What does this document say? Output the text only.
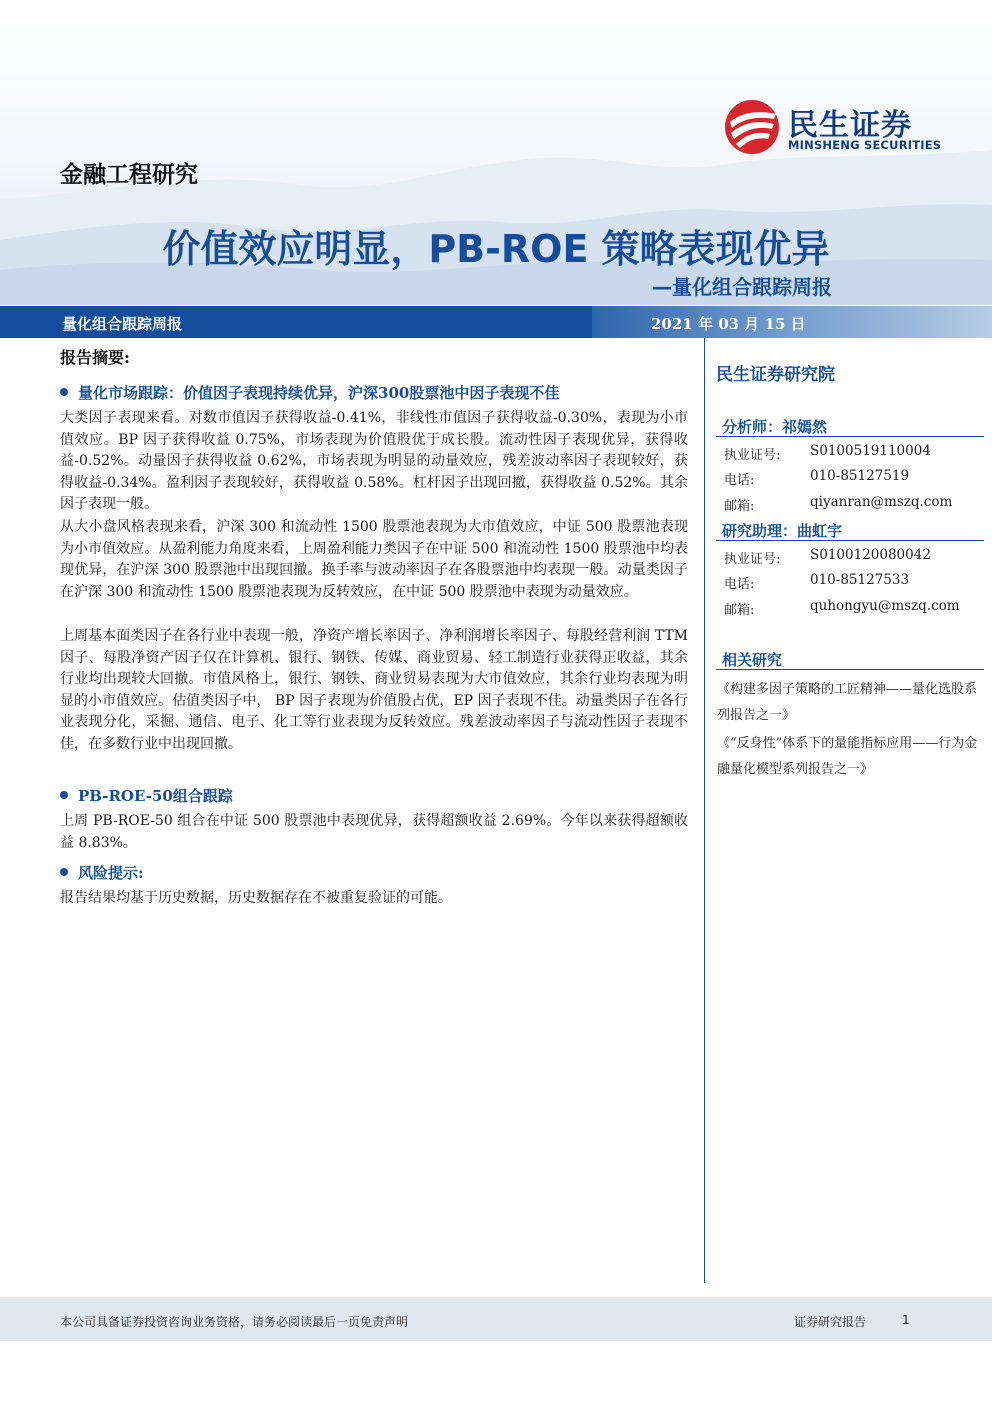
金融工程研究
民生证券
MINSHENG SECURITIES
价值效应明显，PB-ROE 策略表现优异
—量化组合跟踪周报
量化组合跟踪周报	2021 年 03 月 15 日
报告摘要:
量化市场跟踪：价值因子表现持续优异，沪深300股票池中因子表现不佳
大类因子表现来看。对数市值因子获得收益-0.41%，非线性市值因子获得收益-0.30%，表现为小市值效应。BP 因子获得收益 0.75%，市场表现为价值股优于成长股。流动性因子表现优异，获得收益-0.52%。动量因子获得收益 0.62%，市场表现为明显的动量效应，残差波动率因子表现较好，获得收益-0.34%。盈利因子表现较好，获得收益 0.58%。杠杆因子出现回撤，获得收益 0.52%。其余因子表现一般。
从大小盘风格表现来看，沪深 300 和流动性 1500 股票池表现为大市值效应，中证 500 股票池表现为小市值效应。从盈利能力角度来看，上周盈利能力类因子在中证 500 和流动性 1500 股票池中均表现优异，在沪深 300 股票池中出现回撤。换手率与波动率因子在各股票池中均表现一般。动量类因子在沪深 300 和流动性 1500 股票池表现为反转效应，在中证 500 股票池中表现为动量效应。
上周基本面类因子在各行业中表现一般，净资产增长率因子、净利润增长率因子、每股经营利润 TTM 因子、每股净资产因子仅在计算机、银行、钢铁、传媒、商业贸易、轻工制造行业获得正收益，其余行业均出现较大回撤。市值风格上，银行、钢铁、商业贸易表现为大市值效应，其余行业均表现为明显的小市值效应。估值类因子中， BP 因子表现为价值股占优，EP 因子表现不佳。动量类因子在各行业表现分化，采掘、通信、电子、化工等行业表现为反转效应。残差波动率因子与流动性因子表现不佳，在多数行业中出现回撤。
PB-ROE-50组合跟踪
上周 PB-ROE-50 组合在中证 500 股票池中表现优异，获得超额收益 2.69%。今年以来获得超额收益 8.83%。
风险提示:
报告结果均基于历史数据，历史数据存在不被重复验证的可能。
民生证券研究院
分析师：祁嫣然
执业证号: S0100519110004
电话:	010-85127519
邮箱:	qiyanran@mszq.com
研究助理：曲虹宇
执业证号: S0100120080042
电话:	010-85127533
邮箱:	quhongyu@mszq.com
相关研究
《构建多因子策略的工匠精神——量化选股系列报告之一》
《“反身性”体系下的量能指标应用——行为金融量化模型系列报告之一》
本公司具备证券投资咨询业务资格，请务必阅读最后一页免责声明	证券研究报告	1
